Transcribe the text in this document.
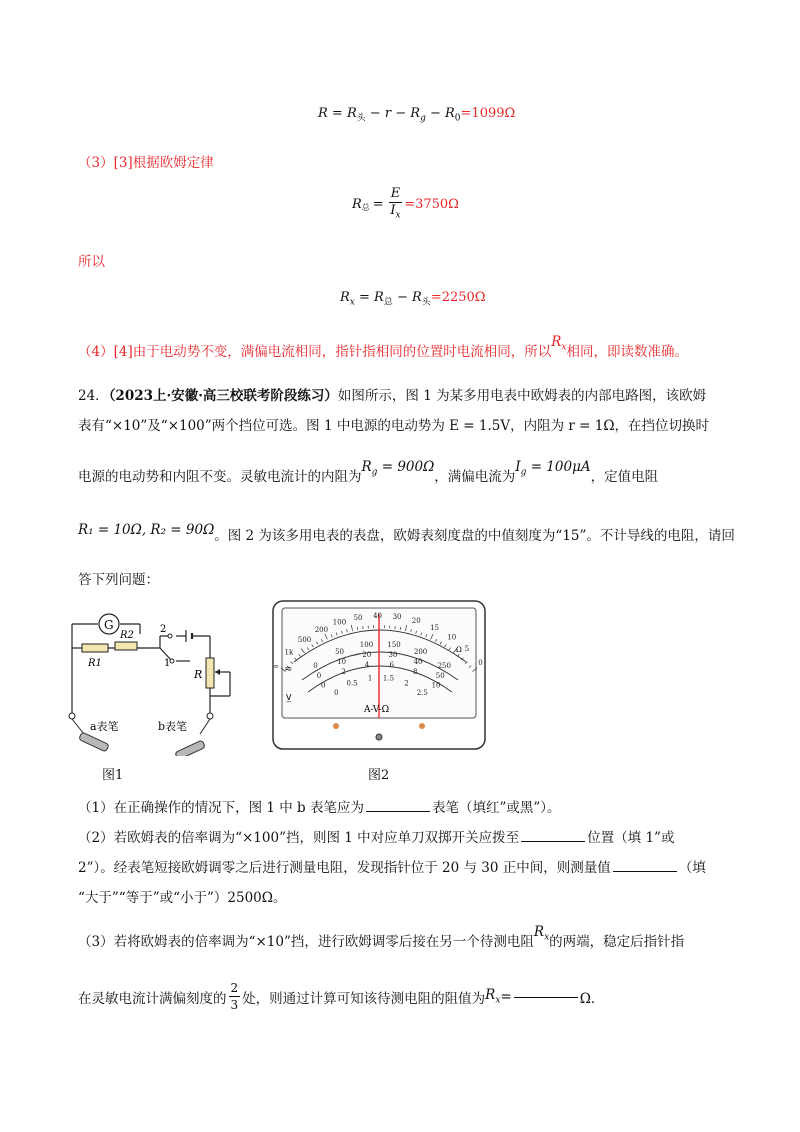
$R = R_头 - r - R_g - R_0=1099\Omega$
（3）[3]根据欧姆定律
$R_总 = \frac{E}{I_x} =3750\Omega$
所以
$R_x = R_总 - R_头=2250\Omega$
（4）[4]由于电动势不变，满偏电流相同，指针指相同的位置时电流相同，所以$R_x$相同，即读数准确。
24．（2023上·安徽·高三校联考阶段练习）如图所示，图 1 为某多用电表中欧姆表的内部电路图，该欧姆
表有“×10”及“×100”两个挡位可选。图 1 中电源的电动势为 E = 1.5V，内阻为 r = 1Ω，在挡位切换时
电源的电动势和内阻不变。灵敏电流计的内阻为$R_g = 900\Omega$，满偏电流为$I_g = 100\mu A$，定值电阻
R₁ = 10Ω, R₂ = 90Ω。图 2 为该多用电表的表盘，欧姆表刻度盘的中值刻度为“15”。不计导线的电阻，请回
答下列问题：
G
R2
R1
2
1
R
a表笔	b表笔
图1
∞
1k
500
200
100
50 40 30 20
15
10
5
0
0
50
100 150
200
250
0
10
20 30
40
50
0
2
4	6
8
10
0
0.5
1 1.5
2
2.5
Ω
≂
V̲
A-V-Ω
图2
（1）在正确操作的情况下，图 1 中 b 表笔应为	表笔（填红”或黑”）。
（2）若欧姆表的倍率调为“×100”挡，则图 1 中对应单刀双掷开关应拨至	位置（填 1”或
2”）。经表笔短接欧姆调零之后进行测量电阻，发现指针位于 20 与 30 正中间，则测量值	（填
“大于”“等于”或“小于”）2500Ω。
（3）若将欧姆表的倍率调为“×10”挡，进行欧姆调零后接在另一个待测电阻$R_x$的两端，稳定后指针指
在灵敏电流计满偏刻度的 $\frac{2}{3}$ 处，则通过计算可知该待测电阻的阻值为 $R_x$ =	Ω．
